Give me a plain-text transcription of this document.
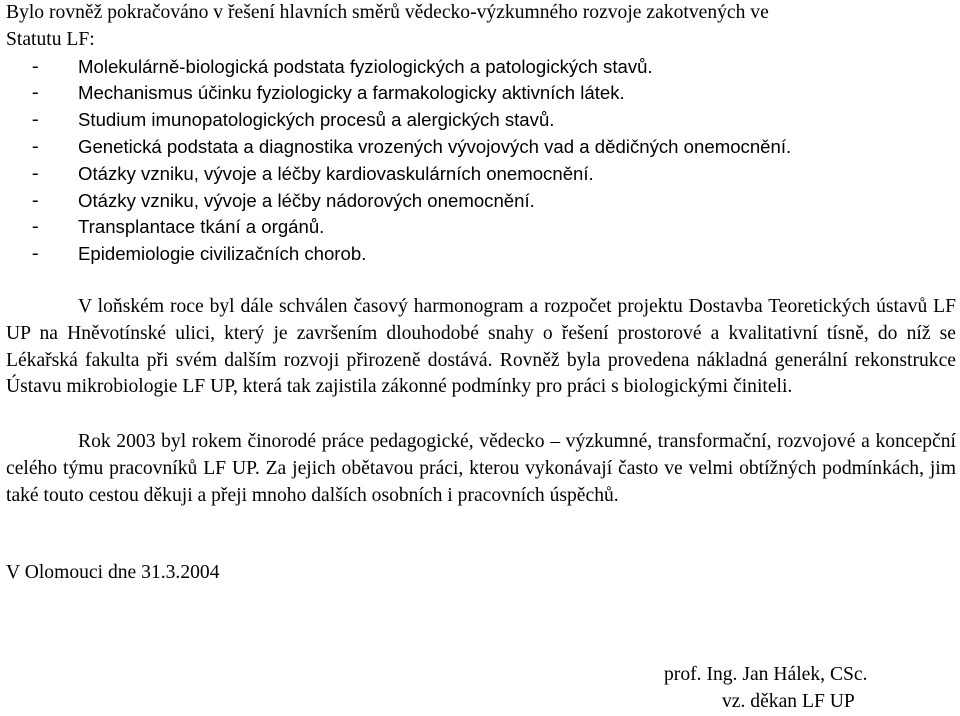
Bylo rovněž pokračováno v řešení hlavních směrů vědecko-výzkumného rozvoje zakotvených ve
Statutu LF:
- Molekulárně-biologická podstata fyziologických a patologických stavů.
- Mechanismus účinku fyziologicky a farmakologicky aktivních látek.
- Studium imunopatologických procesů a alergických stavů.
- Genetická podstata a diagnostika vrozených vývojových vad a dědičných onemocnění.
- Otázky vzniku, vývoje a léčby kardiovaskulárních onemocnění.
- Otázky vzniku, vývoje a léčby nádorových onemocnění.
- Transplantace tkání a orgánů.
- Epidemiologie civilizačních chorob.

V loňském roce byl dále schválen časový harmonogram a rozpočet projektu Dostavba Teoretických ústavů LF UP na Hněvotínské ulici, který je završením dlouhodobé snahy o řešení prostorové a kvalitativní tísně, do níž se Lékařská fakulta při svém dalším rozvoji přirozeně dostává. Rovněž byla provedena nákladná generální rekonstrukce Ústavu mikrobiologie LF UP, která tak zajistila zákonné podmínky pro práci s biologickými činiteli.

Rok 2003 byl rokem činorodé práce pedagogické, vědecko – výzkumné, transformační, rozvojové a koncepční celého týmu pracovníků LF UP. Za jejich obětavou práci, kterou vykonávají často ve velmi obtížných podmínkách, jim také touto cestou děkuji a přeji mnoho dalších osobních i pracovních úspěchů.

V Olomouci dne 31.3.2004
prof. Ing. Jan Hálek, CSc.
vz. děkan LF UP
